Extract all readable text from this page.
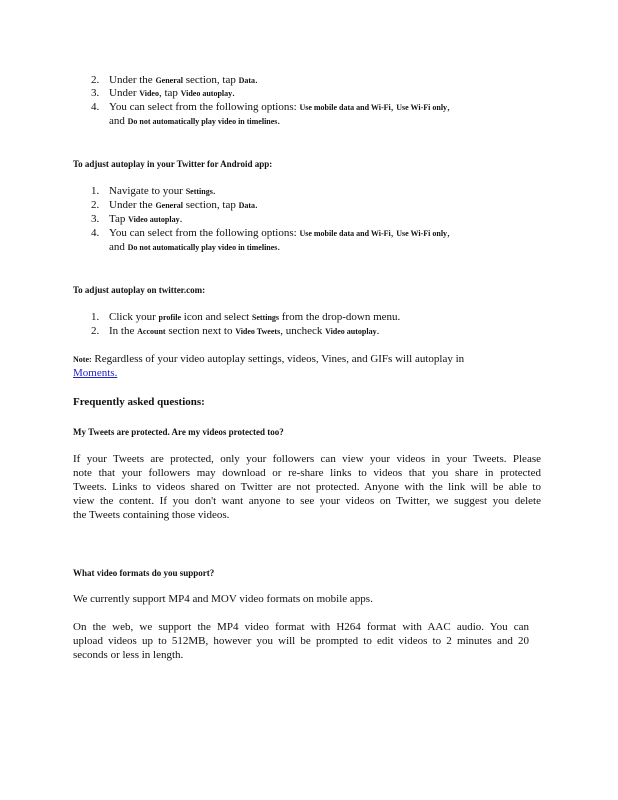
2. Under the General section, tap Data.
3. Under Video, tap Video autoplay.
4. You can select from the following options: Use mobile data and Wi-Fi, Use Wi-Fi only,
and Do not automatically play video in timelines.
To adjust autoplay in your Twitter for Android app:
1. Navigate to your Settings.
2. Under the General section, tap Data.
3. Tap Video autoplay.
4. You can select from the following options: Use mobile data and Wi-Fi, Use Wi-Fi only,
and Do not automatically play video in timelines.
To adjust autoplay on twitter.com:
1. Click your profile icon and select Settings from the drop-down menu.
2. In the Account section next to Video Tweets, uncheck Video autoplay.
Note: Regardless of your video autoplay settings, videos, Vines, and GIFs will autoplay in
Moments.
Frequently asked questions:
My Tweets are protected. Are my videos protected too?
If your Tweets are protected, only your followers can view your videos in your Tweets. Please
note that your followers may download or re-share links to videos that you share in protected
Tweets. Links to videos shared on Twitter are not protected. Anyone with the link will be able to
view the content. If you don't want anyone to see your videos on Twitter, we suggest you delete
the Tweets containing those videos.
What video formats do you support?
We currently support MP4 and MOV video formats on mobile apps.
On the web, we support the MP4 video format with H264 format with AAC audio. You can
upload videos up to 512MB, however you will be prompted to edit videos to 2 minutes and 20
seconds or less in length.
